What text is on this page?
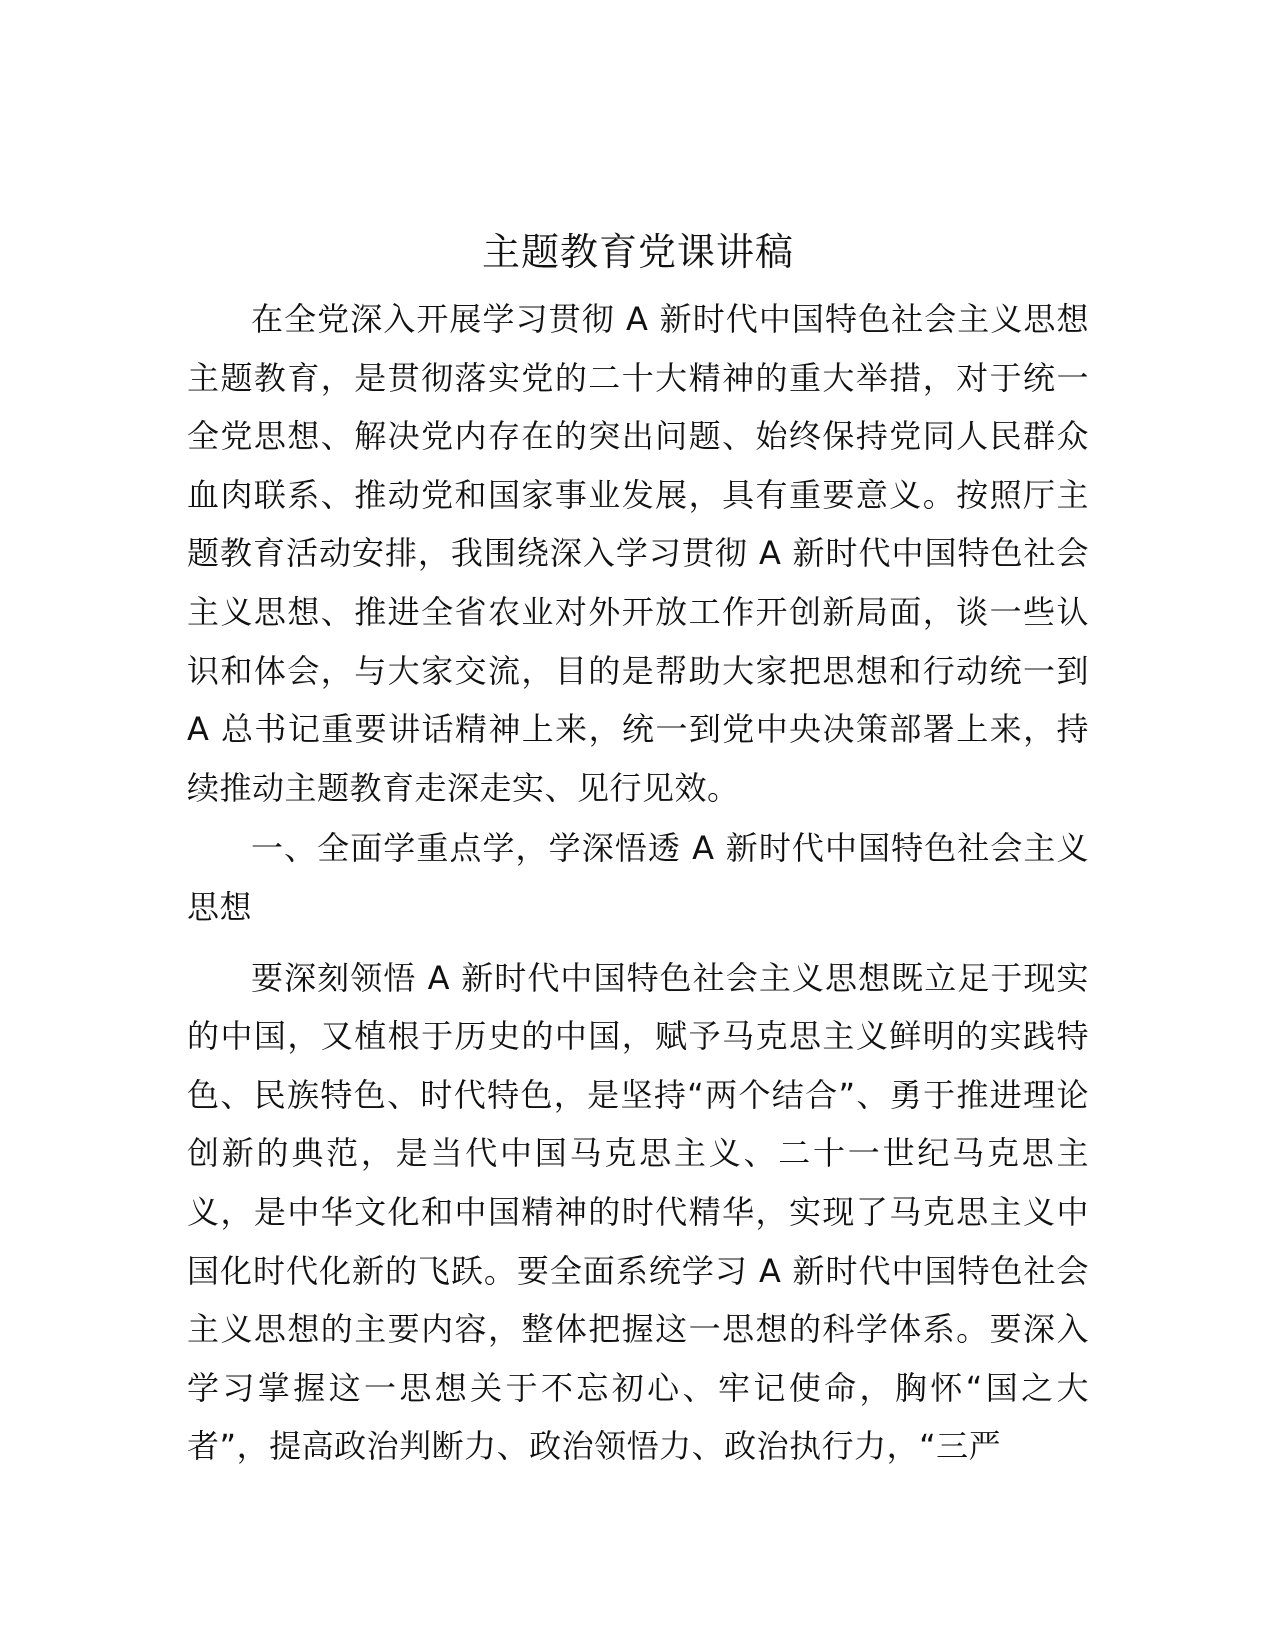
主题教育党课讲稿

在全党深入开展学习贯彻 A 新时代中国特色社会主义思想主题教育，是贯彻落实党的二十大精神的重大举措，对于统一全党思想、解决党内存在的突出问题、始终保持党同人民群众血肉联系、推动党和国家事业发展，具有重要意义。按照厅主题教育活动安排，我围绕深入学习贯彻 A 新时代中国特色社会主义思想、推进全省农业对外开放工作开创新局面，谈一些认识和体会，与大家交流，目的是帮助大家把思想和行动统一到 A 总书记重要讲话精神上来，统一到党中央决策部署上来，持续推动主题教育走深走实、见行见效。

一、全面学重点学，学深悟透 A 新时代中国特色社会主义思想

要深刻领悟 A 新时代中国特色社会主义思想既立足于现实的中国，又植根于历史的中国，赋予马克思主义鲜明的实践特色、民族特色、时代特色，是坚持“两个结合”、勇于推进理论创新的典范，是当代中国马克思主义、二十一世纪马克思主义，是中华文化和中国精神的时代精华，实现了马克思主义中国化时代化新的飞跃。要全面系统学习 A 新时代中国特色社会主义思想的主要内容，整体把握这一思想的科学体系。要深入学习掌握这一思想关于不忘初心、牢记使命，胸怀“国之大者”，提高政治判断力、政治领悟力、政治执行力，“三严
